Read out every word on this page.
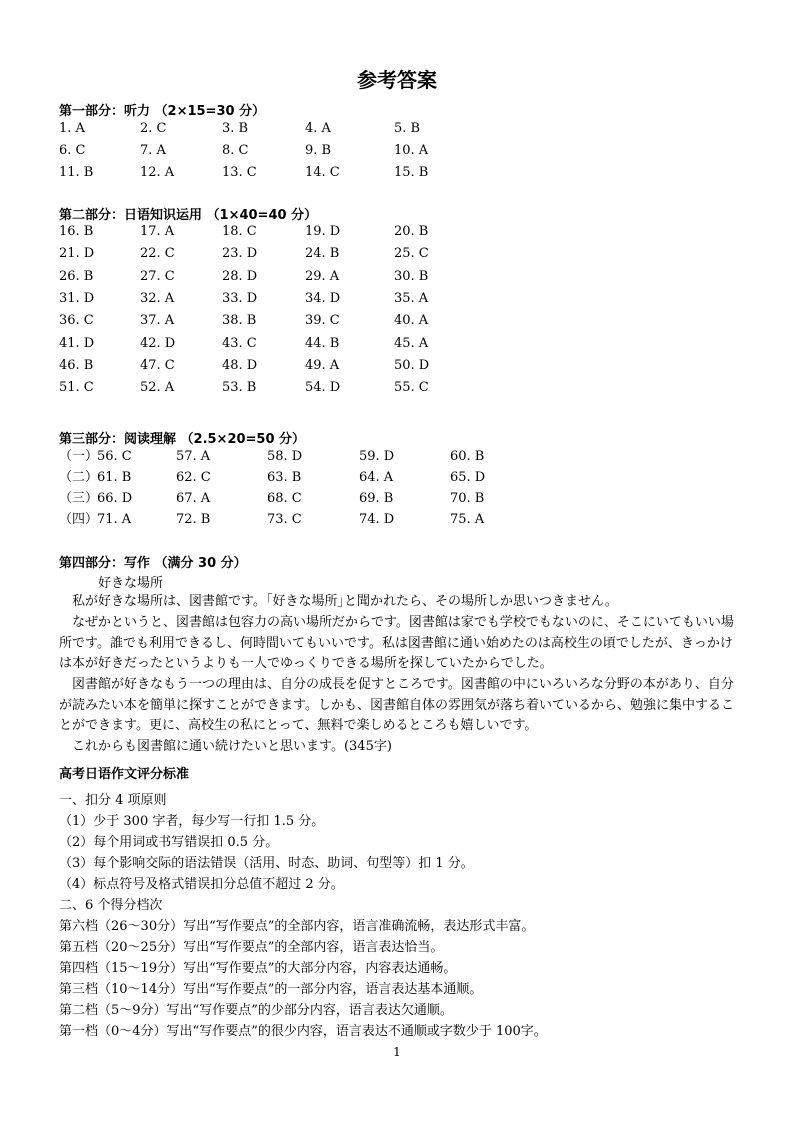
参考答案
第一部分：听力 （2×15=30 分）
1. A	2. C	3. B	4. A	5. B
6. C	7. A	8. C	9. B	10. A
11. B	12. A	13. C	14. C	15. B
第二部分：日语知识运用 （1×40=40 分）
16. B	17. A	18. C	19. D	20. B
21. D	22. C	23. D	24. B	25. C
26. B	27. C	28. D	29. A	30. B
31. D	32. A	33. D	34. D	35. A
36. C	37. A	38. B	39. C	40. A
41. D	42. D	43. C	44. B	45. A
46. B	47. C	48. D	49. A	50. D
51. C	52. A	53. B	54. D	55. C
第三部分：阅读理解 （2.5×20=50 分）
（一）
56. C	57. A	58. D	59. D	60. B
（二）
61. B	62. C	63. B	64. A	65. D
（三）
66. D	67. A	68. C	69. B	70. B
（四）
71. A	72. B	73. C	74. D	75. A
第四部分：写作 （满分 30 分）
好きな場所

私が好きな場所は、図書館です。｢好きな場所｣と聞かれたら、その場所しか思いつきません。

なぜかというと、図書館は包容力の高い場所だからです。図書館は家でも学校でもないのに、そこにいてもいい場所です。誰でも利用できるし、何時間いてもいいです。私は図書館に通い始めたのは高校生の頃でしたが、きっかけは本が好きだったというよりも一人でゆっくりできる場所を探していたからでした。

図書館が好きなもう一つの理由は、自分の成長を促すところです。図書館の中にいろいろな分野の本があり、自分が読みたい本を簡単に探すことができます。しかも、図書館自体の雰囲気が落ち着いているから、勉強に集中することができます。更に、高校生の私にとって、無料で楽しめるところも嬉しいです。

これからも図書館に通い続けたいと思います。(345字)

高考日语作文评分标准
一、扣分 4 项原则
（1）少于 300 字者，每少写一行扣 1.5 分。
（2）每个用词或书写错误扣 0.5 分。
（3）每个影响交际的语法错误（活用、时态、助词、句型等）扣 1 分。
（4）标点符号及格式错误扣分总值不超过 2 分。
二、6 个得分档次
第六档（26～30分）写出“写作要点”的全部内容，语言准确流畅，表达形式丰富。
第五档（20～25分）写出“写作要点”的全部内容，语言表达恰当。
第四档（15～19分）写出“写作要点”的大部分内容，内容表达通畅。
第三档（10～14分）写出“写作要点”的一部分内容，语言表达基本通顺。
第二档（5～9分）写出“写作要点”的少部分内容，语言表达欠通顺。
第一档（0～4分）写出“写作要点”的很少内容，语言表达不通顺或字数少于 100字。
1
